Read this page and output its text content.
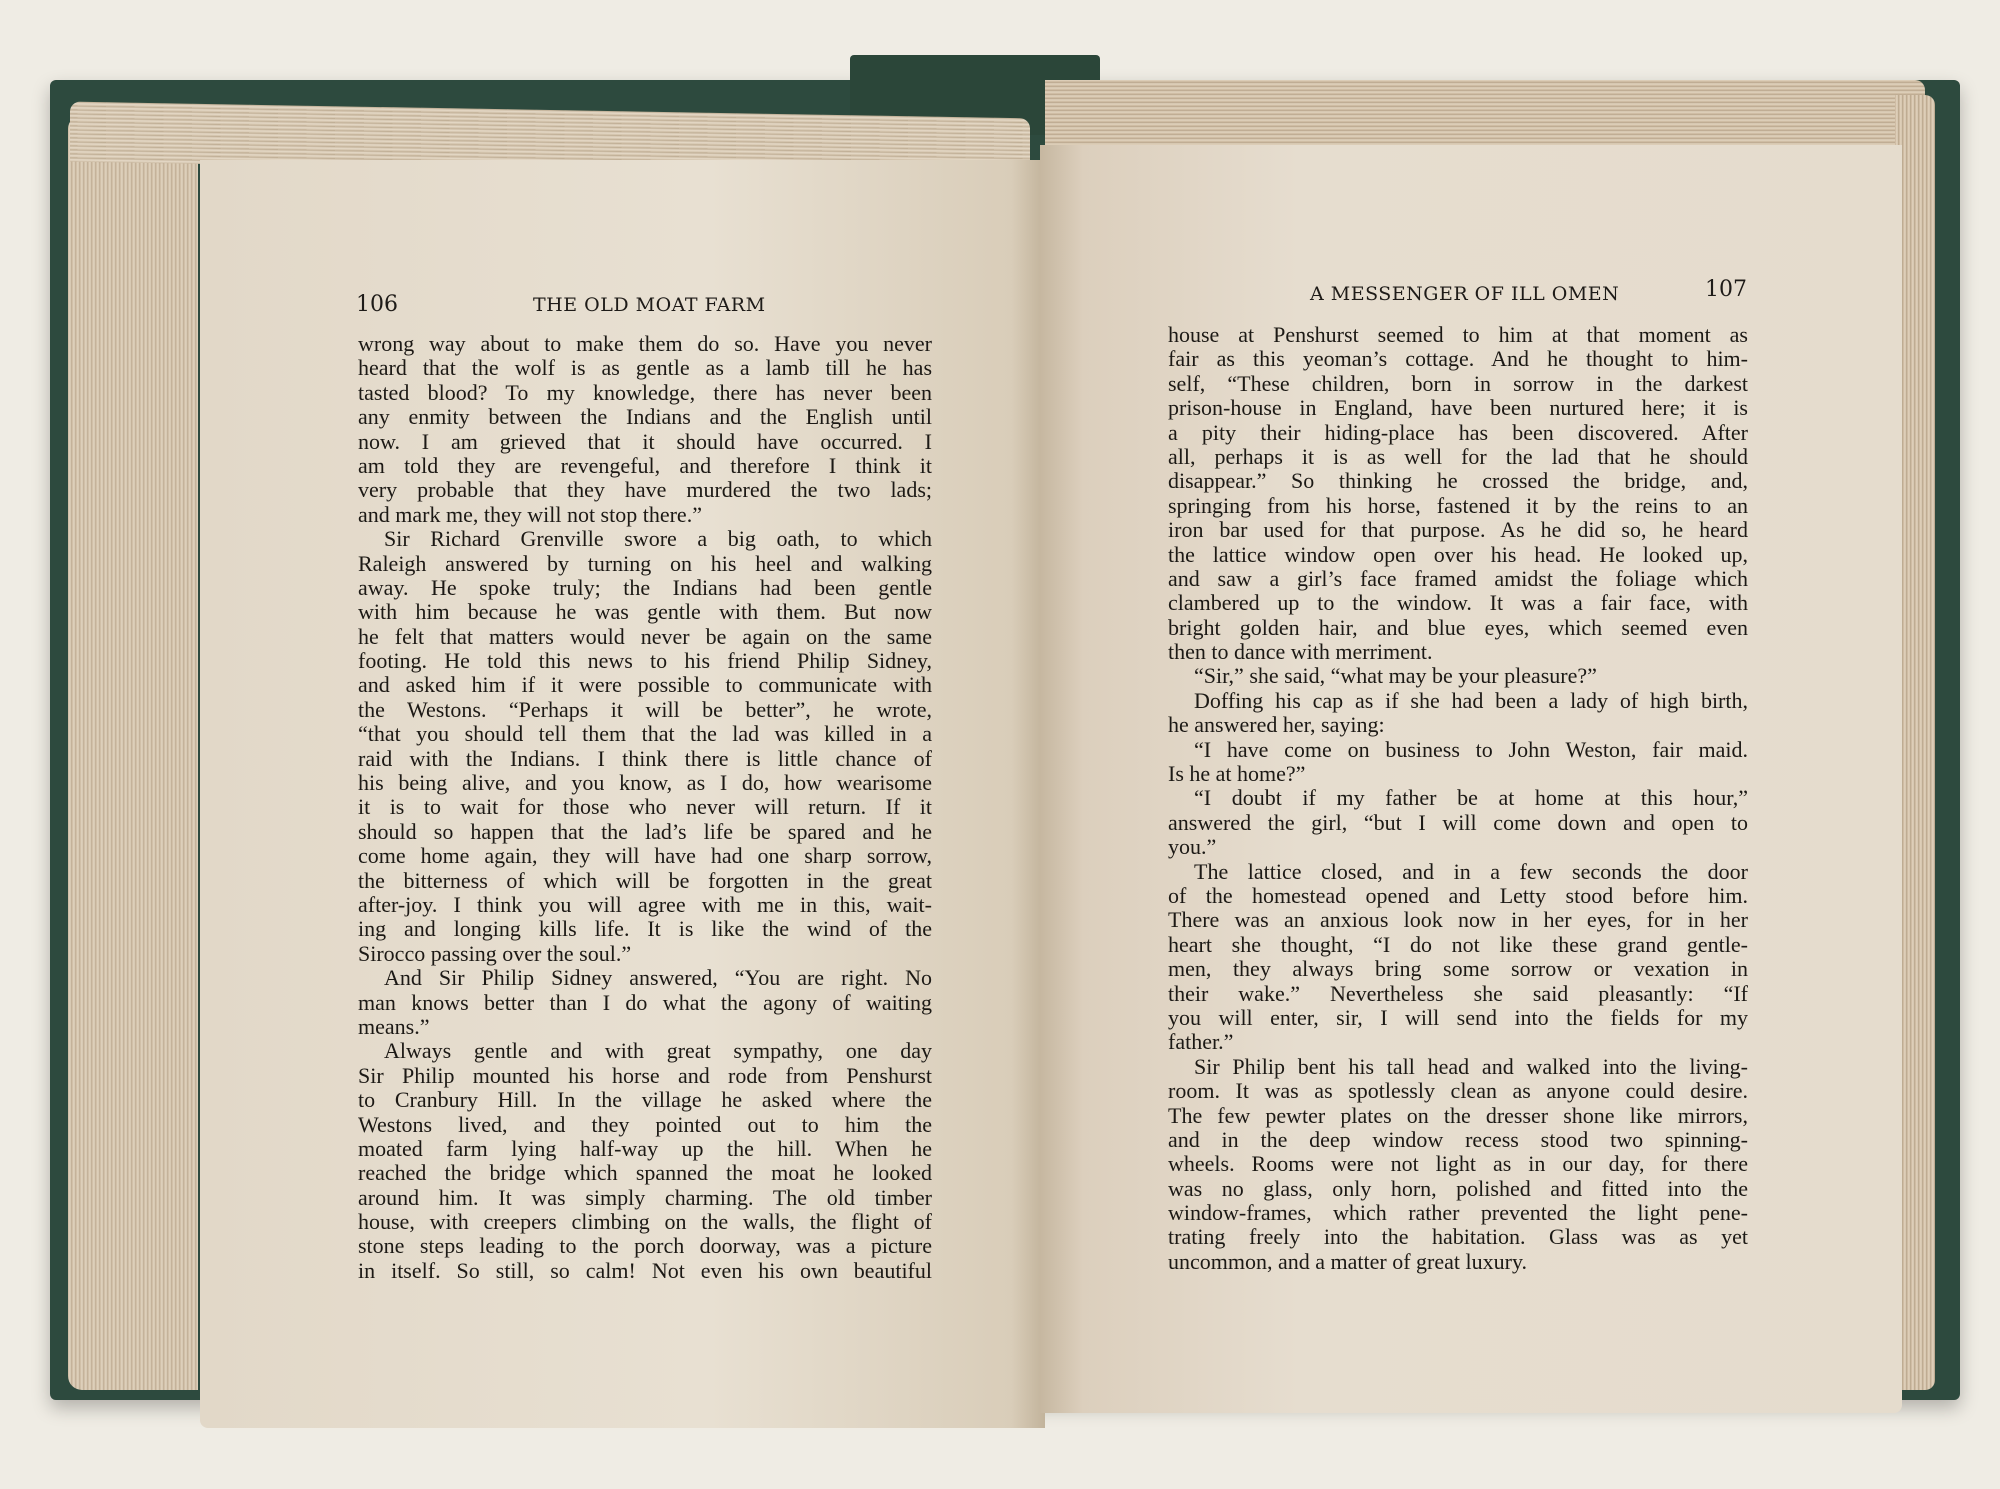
106	THE OLD MOAT FARM
wrong way about to make them do so. Have you never
heard that the wolf is as gentle as a lamb till he has
tasted blood? To my knowledge, there has never been
any enmity between the Indians and the English until
now. I am grieved that it should have occurred. I
am told they are revengeful, and therefore I think it
very probable that they have murdered the two lads;
and mark me, they will not stop there.”
Sir Richard Grenville swore a big oath, to which
Raleigh answered by turning on his heel and walking
away. He spoke truly; the Indians had been gentle
with him because he was gentle with them. But now
he felt that matters would never be again on the same
footing. He told this news to his friend Philip Sidney,
and asked him if it were possible to communicate with
the Westons. “Perhaps it will be better”, he wrote,
“that you should tell them that the lad was killed in a
raid with the Indians. I think there is little chance of
his being alive, and you know, as I do, how wearisome
it is to wait for those who never will return. If it
should so happen that the lad’s life be spared and he
come home again, they will have had one sharp sorrow,
the bitterness of which will be forgotten in the great
after-joy. I think you will agree with me in this, wait-
ing and longing kills life. It is like the wind of the
Sirocco passing over the soul.”
And Sir Philip Sidney answered, “You are right. No
man knows better than I do what the agony of waiting
means.”
Always gentle and with great sympathy, one day
Sir Philip mounted his horse and rode from Penshurst
to Cranbury Hill. In the village he asked where the
Westons lived, and they pointed out to him the
moated farm lying half-way up the hill. When he
reached the bridge which spanned the moat he looked
around him. It was simply charming. The old timber
house, with creepers climbing on the walls, the flight of
stone steps leading to the porch doorway, was a picture
in itself. So still, so calm! Not even his own beautiful
A MESSENGER OF ILL OMEN	107
house at Penshurst seemed to him at that moment as
fair as this yeoman’s cottage. And he thought to him-
self, “These children, born in sorrow in the darkest
prison-house in England, have been nurtured here; it is
a pity their hiding-place has been discovered. After
all, perhaps it is as well for the lad that he should
disappear.” So thinking he crossed the bridge, and,
springing from his horse, fastened it by the reins to an
iron bar used for that purpose. As he did so, he heard
the lattice window open over his head. He looked up,
and saw a girl’s face framed amidst the foliage which
clambered up to the window. It was a fair face, with
bright golden hair, and blue eyes, which seemed even
then to dance with merriment.
“Sir,” she said, “what may be your pleasure?”
Doffing his cap as if she had been a lady of high birth,
he answered her, saying:
“I have come on business to John Weston, fair maid.
Is he at home?”
“I doubt if my father be at home at this hour,”
answered the girl, “but I will come down and open to
you.”
The lattice closed, and in a few seconds the door
of the homestead opened and Letty stood before him.
There was an anxious look now in her eyes, for in her
heart she thought, “I do not like these grand gentle-
men, they always bring some sorrow or vexation in
their wake.” Nevertheless she said pleasantly: “If
you will enter, sir, I will send into the fields for my
father.”
Sir Philip bent his tall head and walked into the living-
room. It was as spotlessly clean as anyone could desire.
The few pewter plates on the dresser shone like mirrors,
and in the deep window recess stood two spinning-
wheels. Rooms were not light as in our day, for there
was no glass, only horn, polished and fitted into the
window-frames, which rather prevented the light pene-
trating freely into the habitation. Glass was as yet
uncommon, and a matter of great luxury.
